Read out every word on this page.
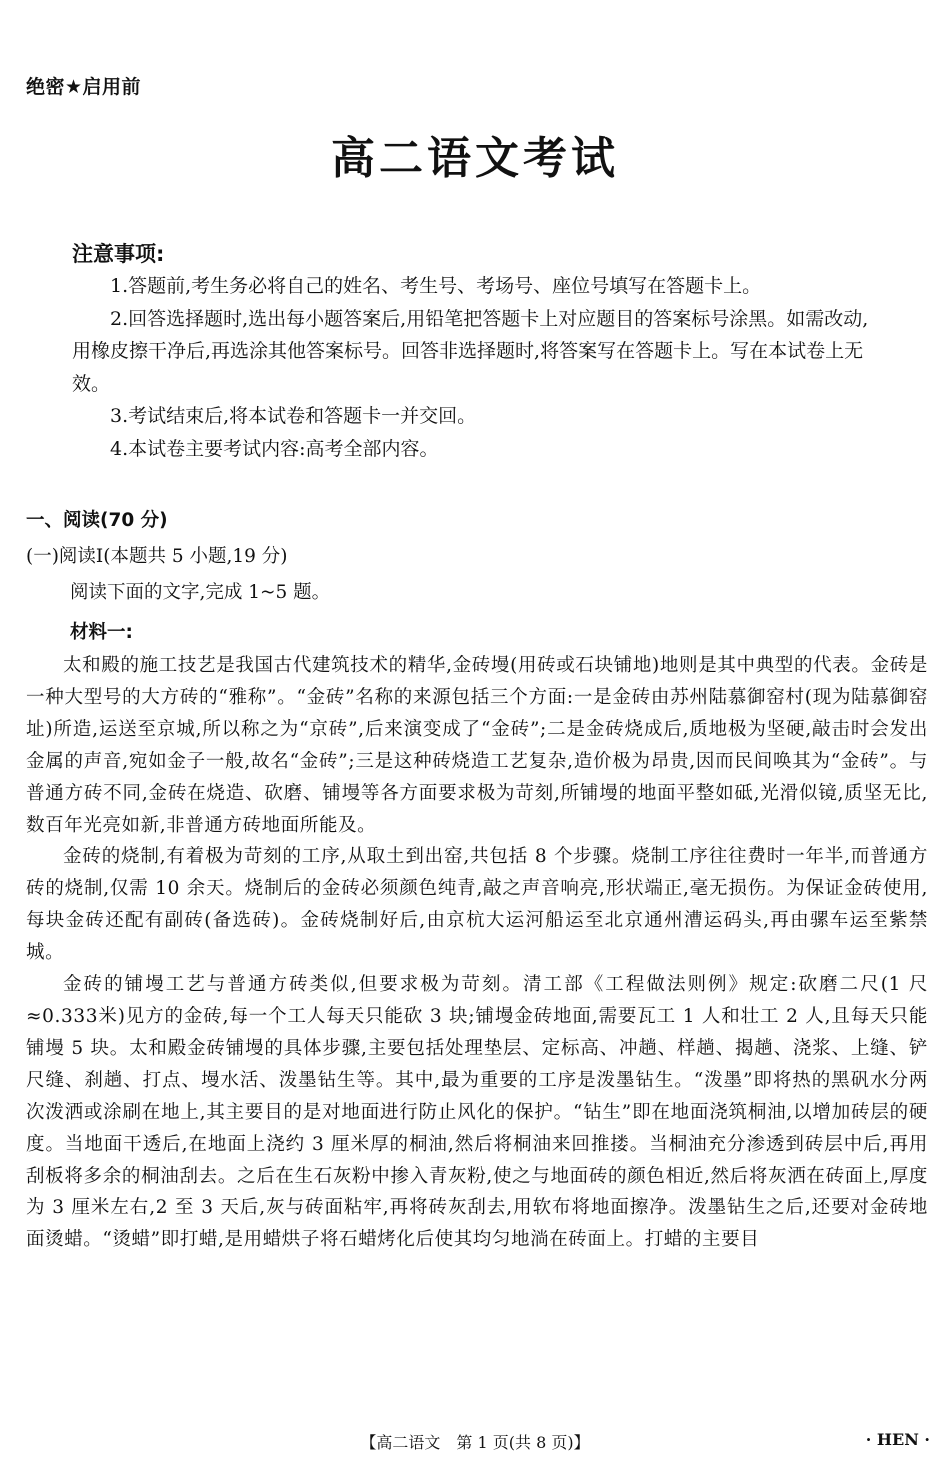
绝密★启用前
高二语文考试
注意事项:

1.答题前,考生务必将自己的姓名、考生号、考场号、座位号填写在答题卡上。

2.回答选择题时,选出每小题答案后,用铅笔把答题卡上对应题目的答案标号涂黑。如需改动,用橡皮擦干净后,再选涂其他答案标号。回答非选择题时,将答案写在答题卡上。写在本试卷上无效。

3.考试结束后,将本试卷和答题卡一并交回。

4.本试卷主要考试内容:高考全部内容。

一、阅读(70 分)
(一)阅读Ⅰ(本题共 5 小题,19 分)
阅读下面的文字,完成 1~5 题。
材料一:

太和殿的施工技艺是我国古代建筑技术的精华,金砖墁(用砖或石块铺地)地则是其中典型的代表。金砖是一种大型号的大方砖的“雅称”。“金砖”名称的来源包括三个方面:一是金砖由苏州陆慕御窑村(现为陆慕御窑址)所造,运送至京城,所以称之为“京砖”,后来演变成了“金砖”;二是金砖烧成后,质地极为坚硬,敲击时会发出金属的声音,宛如金子一般,故名“金砖”;三是这种砖烧造工艺复杂,造价极为昂贵,因而民间唤其为“金砖”。与普通方砖不同,金砖在烧造、砍磨、铺墁等各方面要求极为苛刻,所铺墁的地面平整如砥,光滑似镜,质坚无比,数百年光亮如新,非普通方砖地面所能及。

金砖的烧制,有着极为苛刻的工序,从取土到出窑,共包括 8 个步骤。烧制工序往往费时一年半,而普通方砖的烧制,仅需 10 余天。烧制后的金砖必须颜色纯青,敲之声音响亮,形状端正,毫无损伤。为保证金砖使用,每块金砖还配有副砖(备选砖)。金砖烧制好后,由京杭大运河船运至北京通州漕运码头,再由骡车运至紫禁城。

金砖的铺墁工艺与普通方砖类似,但要求极为苛刻。清工部《工程做法则例》规定:砍磨二尺(1 尺≈0.333米)见方的金砖,每一个工人每天只能砍 3 块;铺墁金砖地面,需要瓦工 1 人和壮工 2 人,且每天只能铺墁 5 块。太和殿金砖铺墁的具体步骤,主要包括处理垫层、定标高、冲趟、样趟、揭趟、浇浆、上缝、铲尺缝、刹趟、打点、墁水活、泼墨钻生等。其中,最为重要的工序是泼墨钻生。“泼墨”即将热的黑矾水分两次泼洒或涂刷在地上,其主要目的是对地面进行防止风化的保护。“钻生”即在地面浇筑桐油,以增加砖层的硬度。当地面干透后,在地面上浇约 3 厘米厚的桐油,然后将桐油来回推搂。当桐油充分渗透到砖层中后,再用刮板将多余的桐油刮去。之后在生石灰粉中掺入青灰粉,使之与地面砖的颜色相近,然后将灰洒在砖面上,厚度为 3 厘米左右,2 至 3 天后,灰与砖面粘牢,再将砖灰刮去,用软布将地面擦净。泼墨钻生之后,还要对金砖地面烫蜡。“烫蜡”即打蜡,是用蜡烘子将石蜡烤化后使其均匀地淌在砖面上。打蜡的主要目

【高二语文　第 1 页(共 8 页)】	· HEN ·
